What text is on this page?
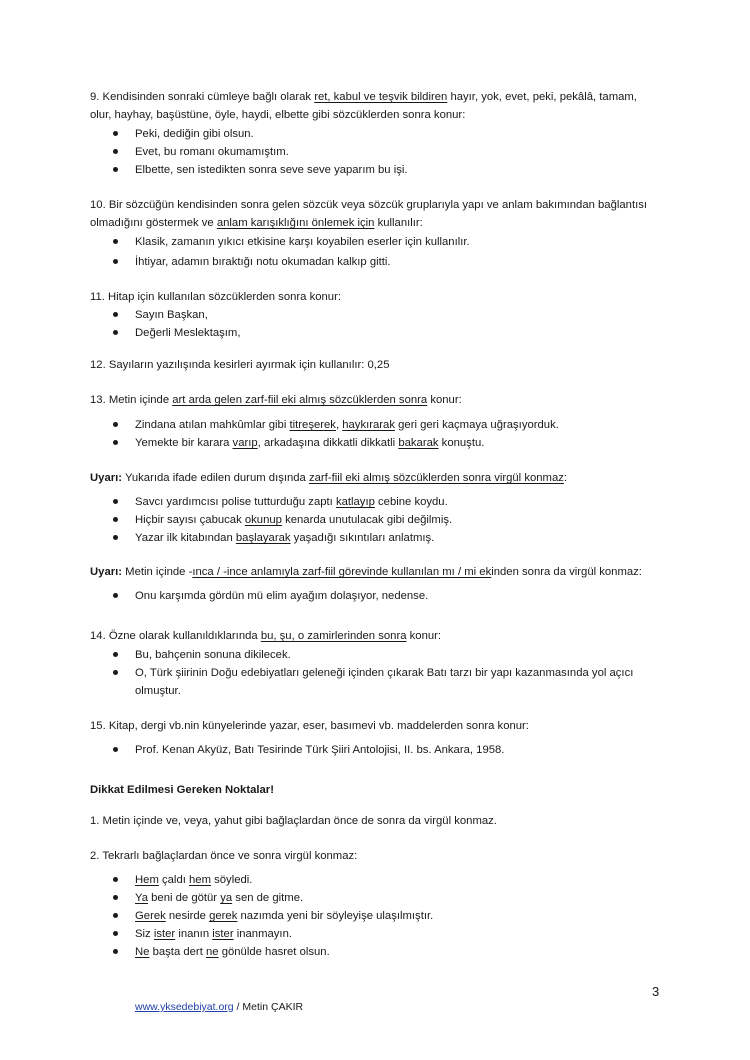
9. Kendisinden sonraki cümleye bağlı olarak ret, kabul ve teşvik bildiren hayır, yok, evet, peki, pekâlâ, tamam,
olur, hayhay, başüstüne, öyle, haydi, elbette gibi sözcüklerden sonra konur:
Peki, dediğin gibi olsun.
Evet, bu romanı okumamıştım.
Elbette, sen istedikten sonra seve seve yaparım bu işi.
10. Bir sözcüğün kendisinden sonra gelen sözcük veya sözcük gruplarıyla yapı ve anlam bakımından bağlantısı
olmadığını göstermek ve anlam karışıklığını önlemek için kullanılır:
Klasik, zamanın yıkıcı etkisine karşı koyabilen eserler için kullanılır.
İhtiyar, adamın bıraktığı notu okumadan kalkıp gitti.
11. Hitap için kullanılan sözcüklerden sonra konur:
Sayın Başkan,
Değerli Meslektaşım,
12. Sayıların yazılışında kesirleri ayırmak için kullanılır: 0,25
13. Metin içinde art arda gelen zarf-fiil eki almış sözcüklerden sonra konur:
Zindana atılan mahkûmlar gibi titreşerek, haykırarak geri geri kaçmaya uğraşıyorduk.
Yemekte bir karara varıp, arkadaşına dikkatli dikkatli bakarak konuştu.
Uyarı: Yukarıda ifade edilen durum dışında zarf-fiil eki almış sözcüklerden sonra virgül konmaz:
Savcı yardımcısı polise tutturduğu zaptı katlayıp cebine koydu.
Hiçbir sayısı çabucak okunup kenarda unutulacak gibi değilmiş.
Yazar ilk kitabından başlayarak yaşadığı sıkıntıları anlatmış.
Uyarı: Metin içinde -ınca / -ince anlamıyla zarf-fiil görevinde kullanılan mı / mi ekinden sonra da virgül konmaz:
Onu karşımda gördün mü elim ayağım dolaşıyor, nedense.
14. Özne olarak kullanıldıklarında bu, şu, o zamirlerinden sonra konur:
Bu, bahçenin sonuna dikilecek.
O, Türk şiirinin Doğu edebiyatları geleneği içinden çıkarak Batı tarzı bir yapı kazanmasında yol açıcı
olmuştur.
15. Kitap, dergi vb.nin künyelerinde yazar, eser, basımevi vb. maddelerden sonra konur:
Prof. Kenan Akyüz, Batı Tesirinde Türk Şiiri Antolojisi, II. bs. Ankara, 1958.
Dikkat Edilmesi Gereken Noktalar!
1. Metin içinde ve, veya, yahut gibi bağlaçlardan önce de sonra da virgül konmaz.
2. Tekrarlı bağlaçlardan önce ve sonra virgül konmaz:
Hem çaldı hem söyledi.
Ya beni de götür ya sen de gitme.
Gerek nesirde gerek nazımda yeni bir söyleyişe ulaşılmıştır.
Siz ister inanın ister inanmayın.
Ne başta dert ne gönülde hasret olsun.
3
www.yksedebiyat.org / Metin ÇAKIR
